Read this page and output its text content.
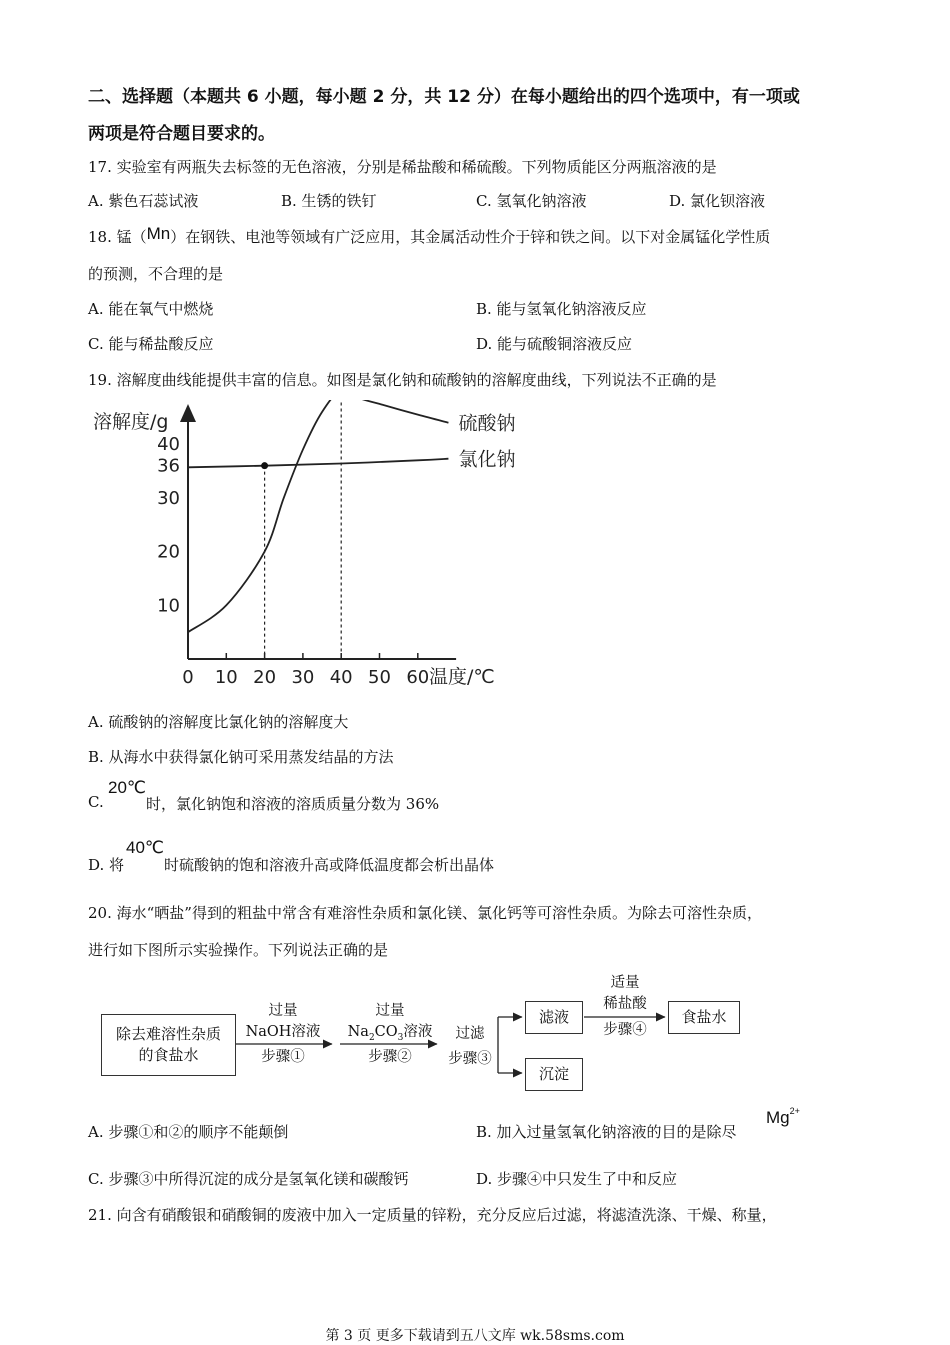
二、选择题（本题共 6 小题，每小题 2 分，共 12 分）在每小题给出的四个选项中，有一项或
两项是符合题目要求的。
17. 实验室有两瓶失去标签的无色溶液，分别是稀盐酸和稀硫酸。下列物质能区分两瓶溶液的是
A. 紫色石蕊试液	B. 生锈的铁钉	C. 氢氧化钠溶液	D. 氯化钡溶液
18. 锰（Mn）在钢铁、电池等领域有广泛应用，其金属活动性介于锌和铁之间。以下对金属锰化学性质
的预测，不合理的是
A. 能在氧气中燃烧	B. 能与氢氧化钠溶液反应
C. 能与稀盐酸反应	D. 能与硫酸铜溶液反应
19. 溶解度曲线能提供丰富的信息。如图是氯化钠和硫酸钠的溶解度曲线，下列说法不正确的是
溶解度/g
温度/℃
0 10 20 30 40 50 60
10
20
30
36
40
硫酸钠
氯化钠
A. 硫酸钠的溶解度比氯化钠的溶解度大
B. 从海水中获得氯化钠可采用蒸发结晶的方法
C.
20℃
时，氯化钠饱和溶液的溶质质量分数为 36%
D. 将
40℃
时硫酸钠的饱和溶液升高或降低温度都会析出晶体
20. 海水“晒盐”得到的粗盐中常含有难溶性杂质和氯化镁、氯化钙等可溶性杂质。为除去可溶性杂质，
进行如下图所示实验操作。下列说法正确的是
除去难溶性杂质
的食盐水
过量
NaOH溶液
步骤①
过量
$Na_2CO_3$溶液
步骤②
过滤
步骤③
滤液
沉淀
适量
稀盐酸
步骤④
食盐水
A. 步骤①和②的顺序不能颠倒	B. 加入过量氢氧化钠溶液的目的是除尽
$Mg^{2+}$
C. 步骤③中所得沉淀的成分是氢氧化镁和碳酸钙	D. 步骤④中只发生了中和反应
21. 向含有硝酸银和硝酸铜的废液中加入一定质量的锌粉，充分反应后过滤，将滤渣洗涤、干燥、称量，
第 3 页 更多下载请到五八文库 wk.58sms.com
